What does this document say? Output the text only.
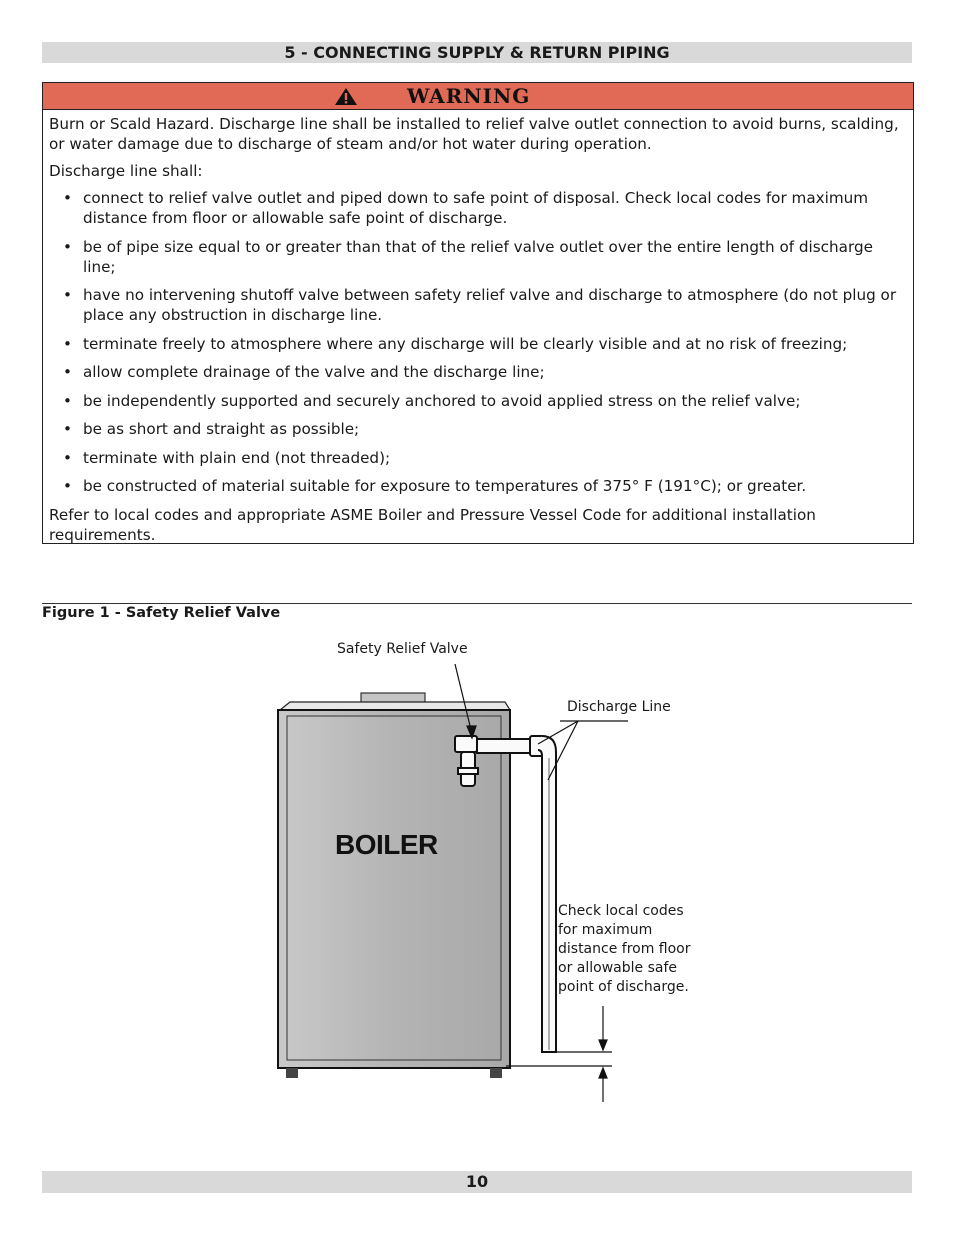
5 - CONNECTING SUPPLY & RETURN PIPING
WARNING

Burn or Scald Hazard. Discharge line shall be installed to relief valve outlet connection to avoid burns, scalding, or water damage due to discharge of steam and/or hot water during operation.

Discharge line shall:

• connect to relief valve outlet and piped down to safe point of disposal. Check local codes for maximum distance from floor or allowable safe point of discharge.
• be of pipe size equal to or greater than that of the relief valve outlet over the entire length of discharge line;
• have no intervening shutoff valve between safety relief valve and discharge to atmosphere (do not plug or place any obstruction in discharge line.
• terminate freely to atmosphere where any discharge will be clearly visible and at no risk of freezing;
• allow complete drainage of the valve and the discharge line;
• be independently supported and securely anchored to avoid applied stress on the relief valve;
• be as short and straight as possible;
• terminate with plain end (not threaded);
• be constructed of material suitable for exposure to temperatures of 375° F (191°C); or greater.

Refer to local codes and appropriate ASME Boiler and Pressure Vessel Code for additional installation requirements.

Figure 1 - Safety Relief Valve
BOILER
Safety Relief Valve
Discharge Line
Check local codes
for maximum
distance from floor
or allowable safe
point of discharge.
10
